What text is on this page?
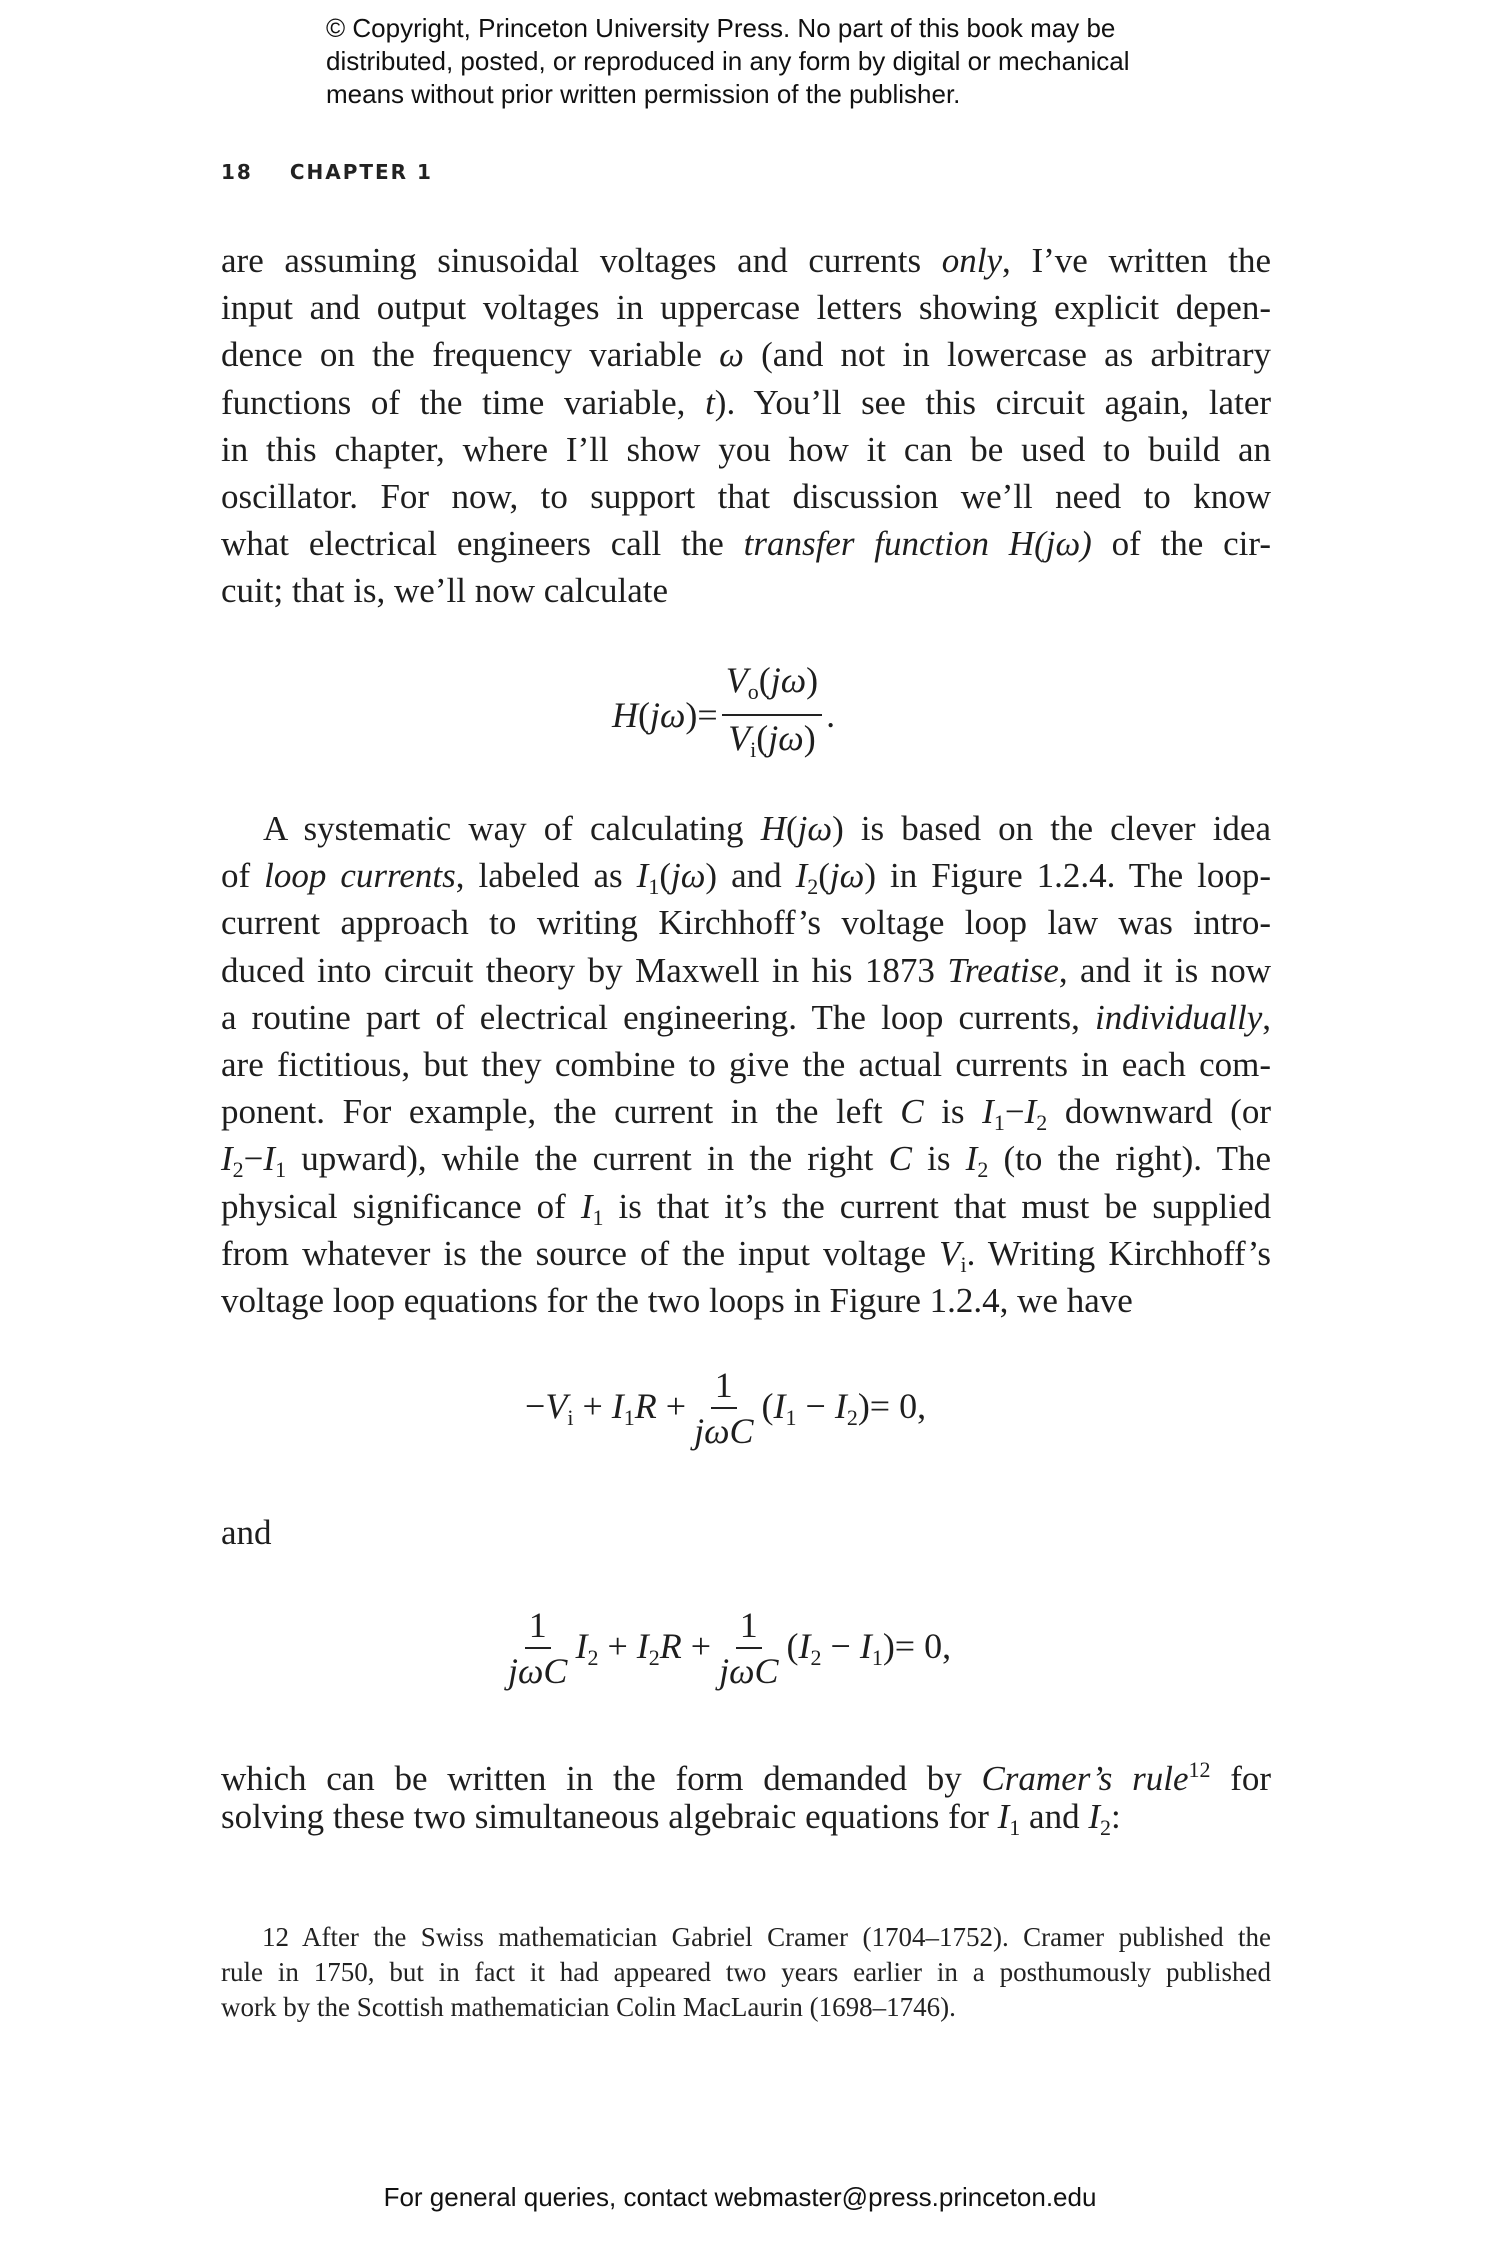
© Copyright, Princeton University Press. No part of this book may be
distributed, posted, or reproduced in any form by digital or mechanical
means without prior written permission of the publisher.
18 CHAPTER 1
are assuming sinusoidal voltages and currents only, I’ve written the
input and output voltages in uppercase letters showing explicit depen-
dence on the frequency variable ω (and not in lowercase as arbitrary
functions of the time variable, t). You’ll see this circuit again, later
in this chapter, where I’ll show you how it can be used to build an
oscillator. For now, to support that discussion we’ll need to know
what electrical engineers call the transfer function H(jω) of the cir-
cuit; that is, we’ll now calculate
A systematic way of calculating H(jω) is based on the clever idea
of loop currents, labeled as $I_1(j\omega)$ and $I_2(j\omega)$ in Figure 1.2.4. The loop-
current approach to writing Kirchhoff’s voltage loop law was intro-
duced into circuit theory by Maxwell in his 1873 Treatise, and it is now
a routine part of electrical engineering. The loop currents, individually,
are fictitious, but they combine to give the actual currents in each com-
ponent. For example, the current in the left C is $I_1-I_2$ downward (or
$I_2-I_1$ upward), while the current in the right C is $I_2$ (to the right). The
physical significance of $I_1$ is that it’s the current that must be supplied
from whatever is the source of the input voltage $V_i$. Writing Kirchhoff’s
voltage loop equations for the two loops in Figure 1.2.4, we have
which can be written in the form demanded by Cramer’s rule$^{12}$ for
solving these two simultaneous algebraic equations for $I_1$ and $I_2$:
$H(j\omega)= \frac{V_o(j\omega)}{V_i(j\omega)}$ .
$-V_i + I_1R + \frac{1}{\text{jωC}} (I_1 - I_2)= 0$,
and
$\frac{1}{\text{jωC}} I_2 + I_2R + \frac{1}{\text{jωC}} (I_2 - I_1)= 0$,
12 After the Swiss mathematician Gabriel Cramer (1704–1752). Cramer published the
rule in 1750, but in fact it had appeared two years earlier in a posthumously published
work by the Scottish mathematician Colin MacLaurin (1698–1746).
For general queries, contact webmaster@press.princeton.edu
